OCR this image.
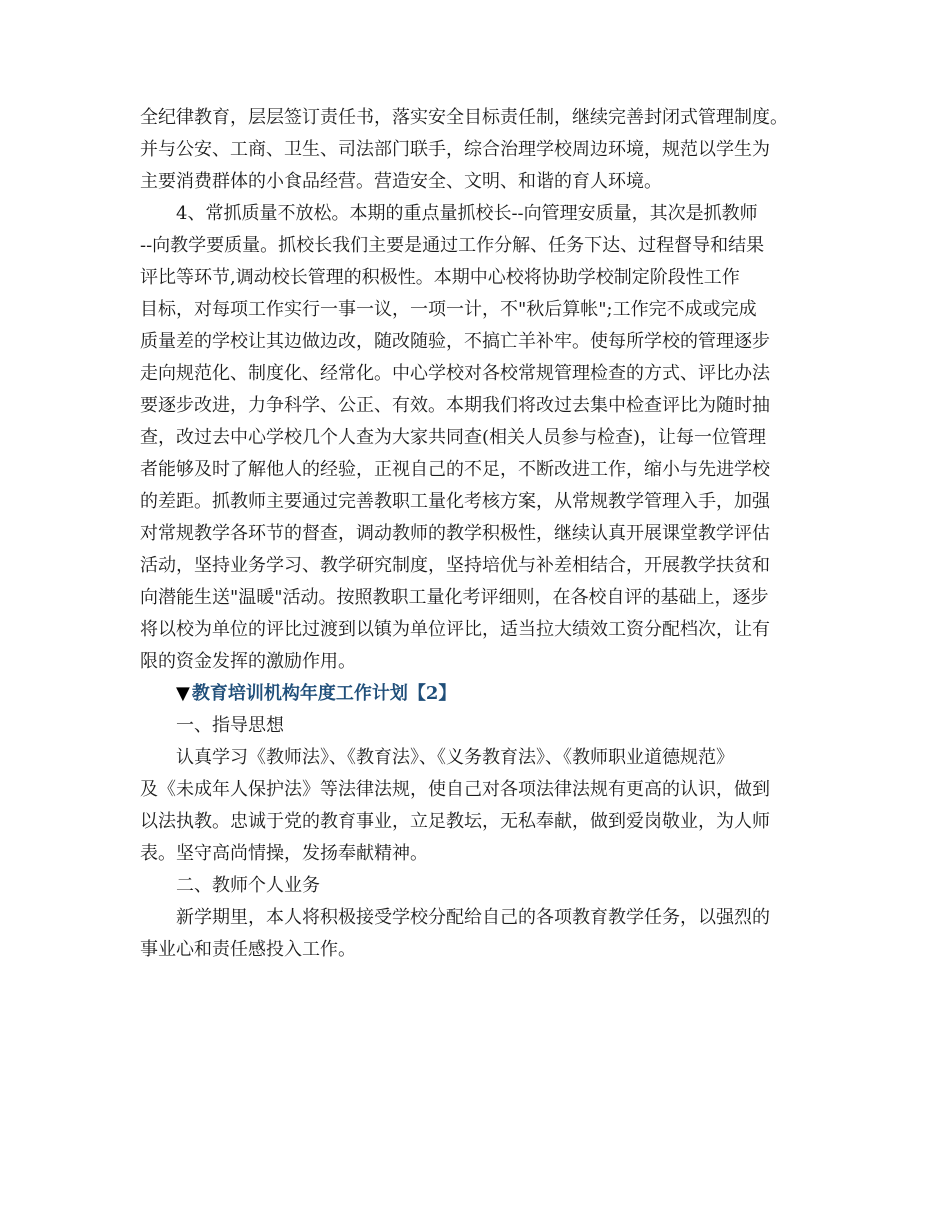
全纪律教育，层层签订责任书，落实安全目标责任制，继续完善封闭式管理制度。
并与公安、工商、卫生、司法部门联手，综合治理学校周边环境，规范以学生为
主要消费群体的小食品经营。营造安全、文明、和谐的育人环境。
4、常抓质量不放松。本期的重点量抓校长--向管理安质量，其次是抓教师
--向教学要质量。抓校长我们主要是通过工作分解、任务下达、过程督导和结果
评比等环节,调动校长管理的积极性。本期中心校将协助学校制定阶段性工作
目标，对每项工作实行一事一议，一项一计，不"秋后算帐";工作完不成或完成
质量差的学校让其边做边改，随改随验，不搞亡羊补牢。使每所学校的管理逐步
走向规范化、制度化、经常化。中心学校对各校常规管理检查的方式、评比办法
要逐步改进，力争科学、公正、有效。本期我们将改过去集中检查评比为随时抽
查，改过去中心学校几个人查为大家共同查(相关人员参与检查)，让每一位管理
者能够及时了解他人的经验，正视自己的不足，不断改进工作，缩小与先进学校
的差距。抓教师主要通过完善教职工量化考核方案，从常规教学管理入手，加强
对常规教学各环节的督查，调动教师的教学积极性，继续认真开展课堂教学评估
活动，坚持业务学习、教学研究制度，坚持培优与补差相结合，开展教学扶贫和
向潜能生送"温暖"活动。按照教职工量化考评细则，在各校自评的基础上，逐步
将以校为单位的评比过渡到以镇为单位评比，适当拉大绩效工资分配档次，让有
限的资金发挥的激励作用。
▼ 教育培训机构年度工作计划【2】
一、指导思想
认真学习《教师法》、《教育法》、《义务教育法》、《教师职业道德规范》
及《未成年人保护法》等法律法规，使自己对各项法律法规有更高的认识，做到
以法执教。忠诚于党的教育事业，立足教坛，无私奉献，做到爱岗敬业，为人师
表。坚守高尚情操，发扬奉献精神。
二、教师个人业务
新学期里，本人将积极接受学校分配给自己的各项教育教学任务，以强烈的
事业心和责任感投入工作。
